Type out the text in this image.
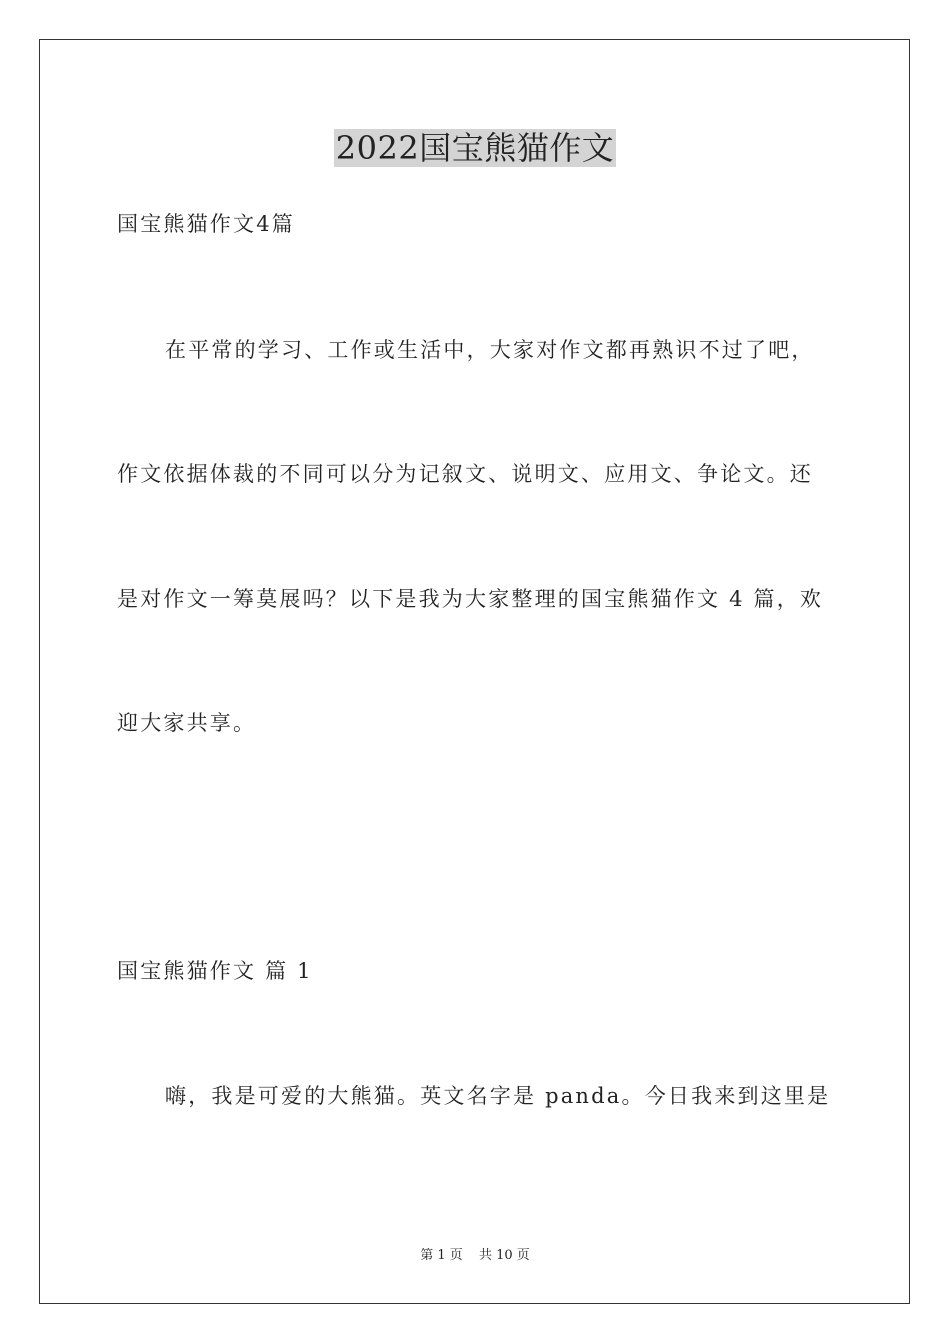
2022国宝熊猫作文
国宝熊猫作文4篇
在平常的学习、工作或生活中，大家对作文都再熟识不过了吧，
作文依据体裁的不同可以分为记叙文、说明文、应用文、争论文。还
是对作文一筹莫展吗？以下是我为大家整理的国宝熊猫作文 4 篇，欢
迎大家共享。
国宝熊猫作文 篇 1
嗨，我是可爱的大熊猫。英文名字是 panda。今日我来到这里是
第 1 页 共 10 页
